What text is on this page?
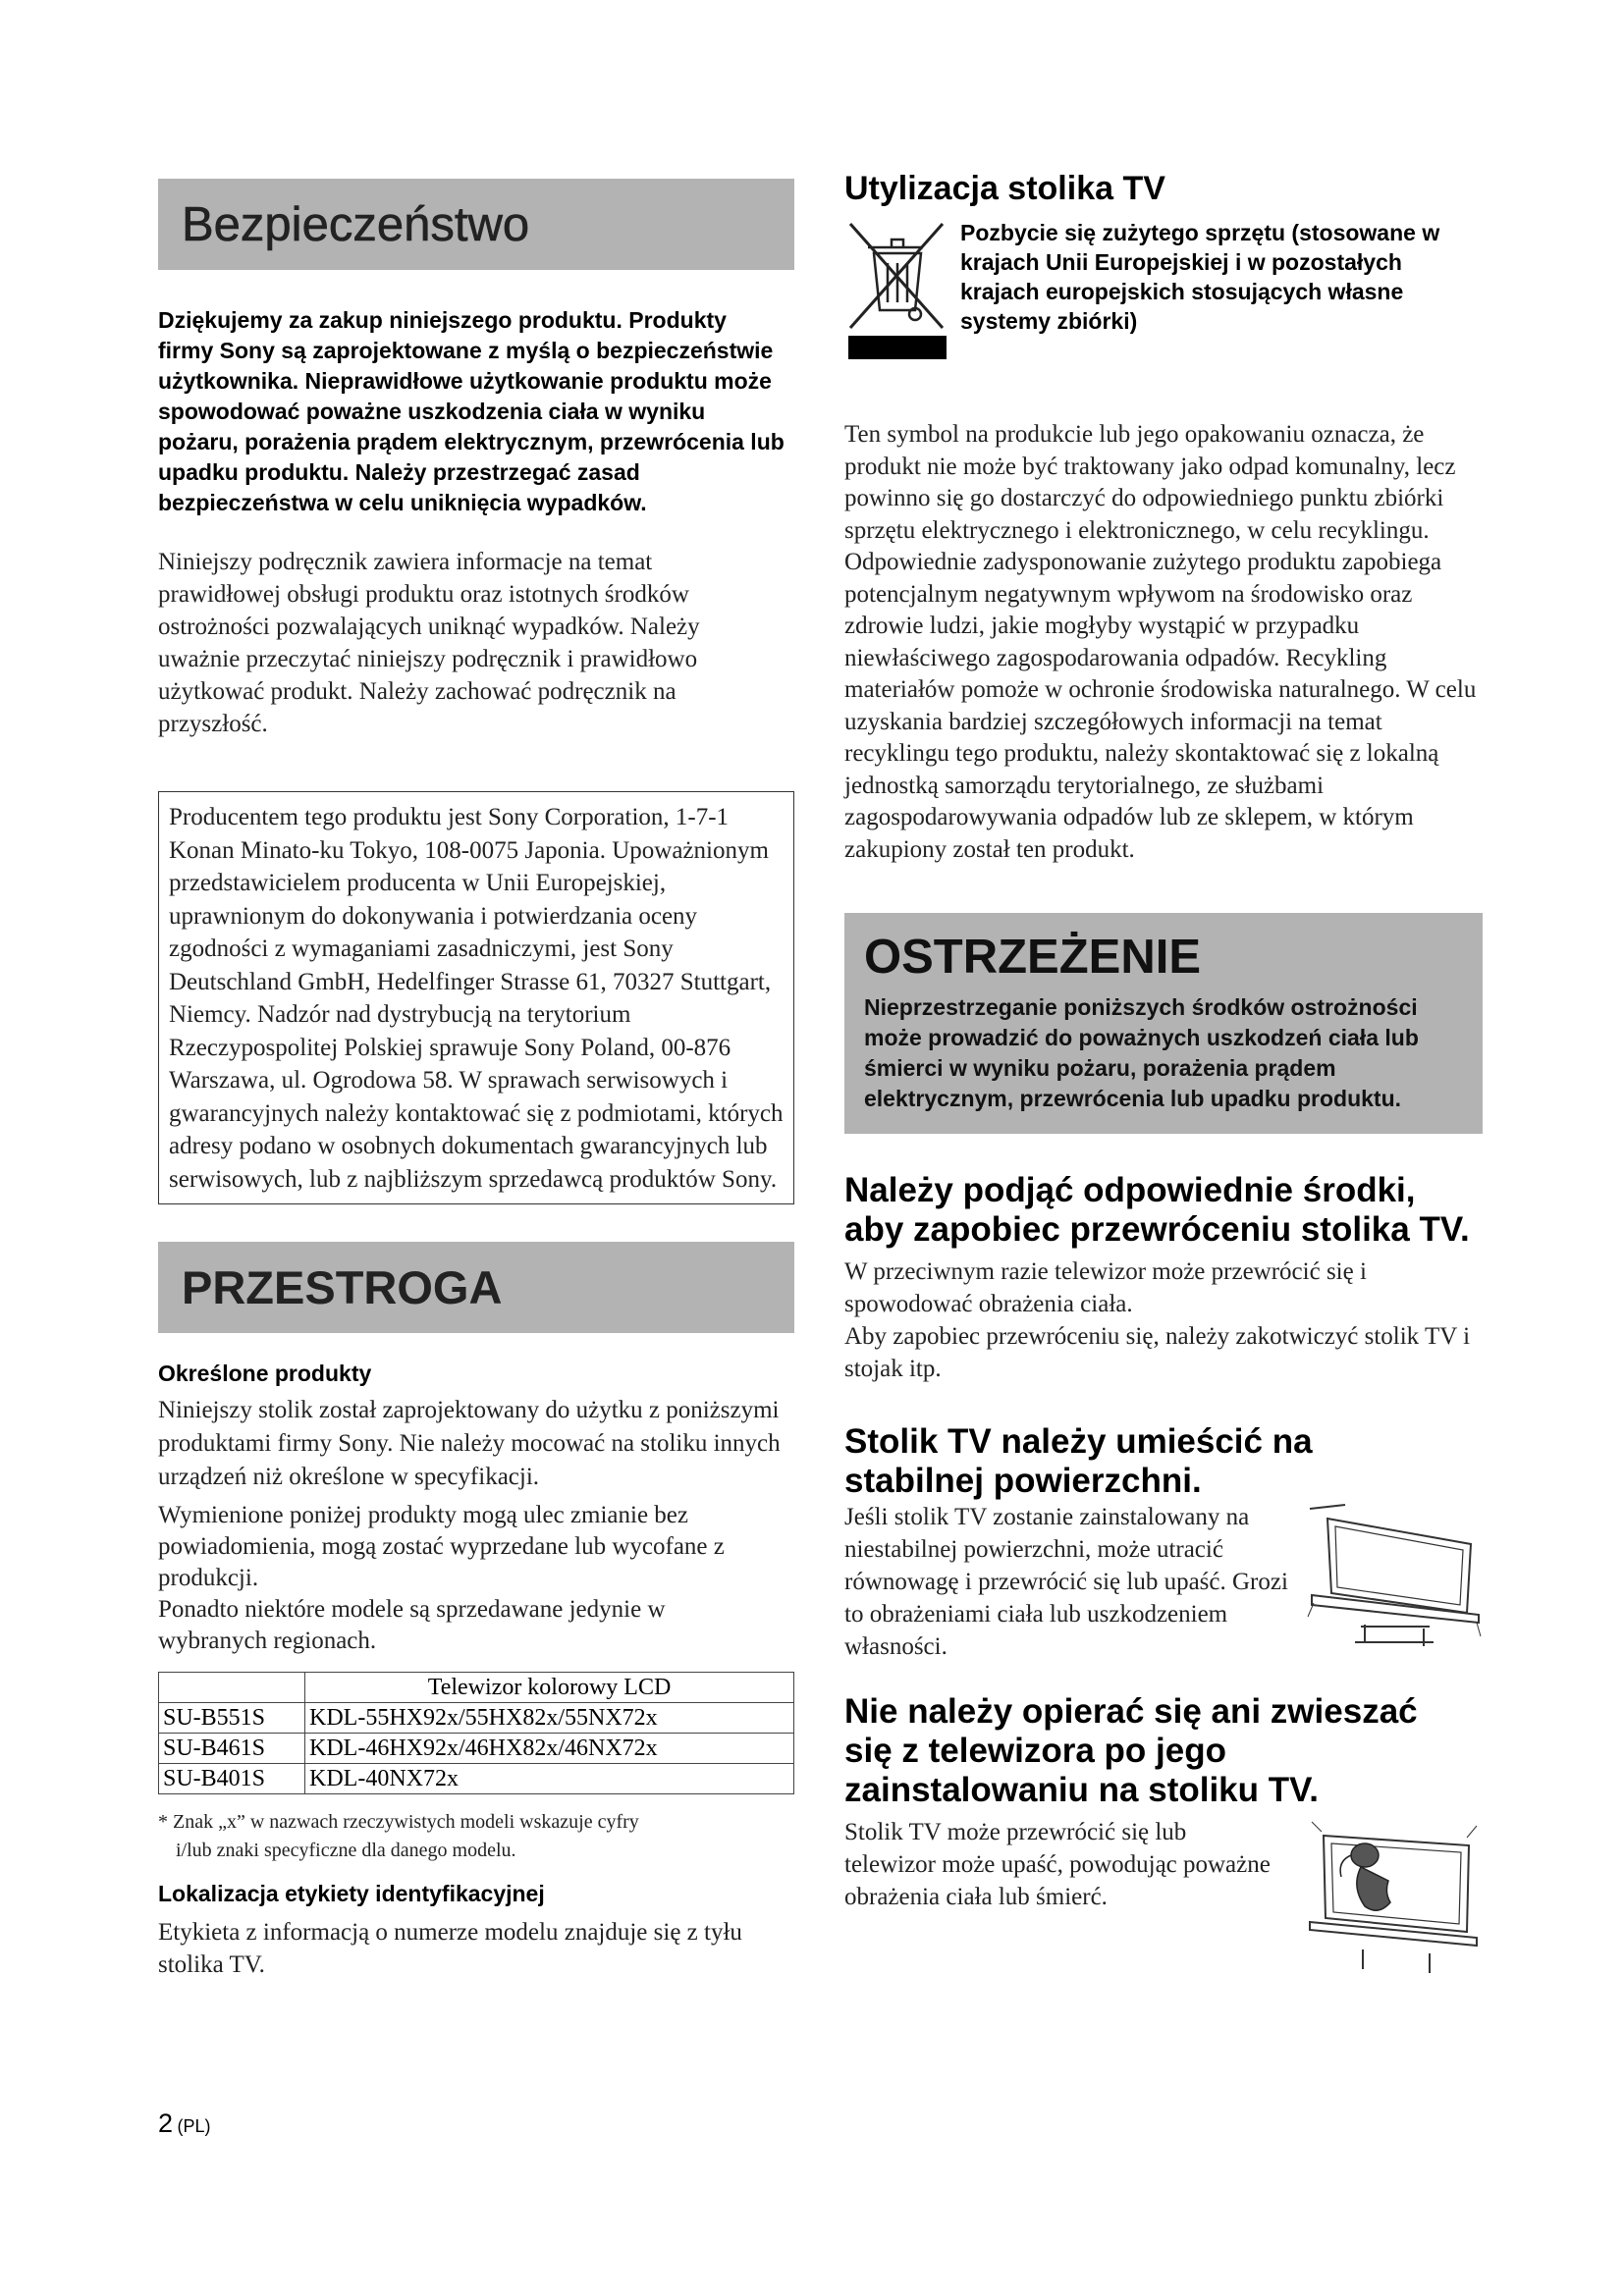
Bezpieczeństwo

Dziękujemy za zakup niniejszego produktu. Produkty firmy Sony są zaprojektowane z myślą o bezpieczeństwie użytkownika. Nieprawidłowe użytkowanie produktu może spowodować poważne uszkodzenia ciała w wyniku pożaru, porażenia prądem elektrycznym, przewrócenia lub upadku produktu. Należy przestrzegać zasad bezpieczeństwa w celu uniknięcia wypadków.

Niniejszy podręcznik zawiera informacje na temat prawidłowej obsługi produktu oraz istotnych środków ostrożności pozwalających uniknąć wypadków. Należy uważnie przeczytać niniejszy podręcznik i prawidłowo użytkować produkt. Należy zachować podręcznik na przyszłość.

Producentem tego produktu jest Sony Corporation, 1-7-1 Konan Minato-ku Tokyo, 108-0075 Japonia. Upoważnionym przedstawicielem producenta w Unii Europejskiej, uprawnionym do dokonywania i potwierdzania oceny zgodności z wymaganiami zasadniczymi, jest Sony Deutschland GmbH, Hedelfinger Strasse 61, 70327 Stuttgart, Niemcy. Nadzór nad dystrybucją na terytorium Rzeczypospolitej Polskiej sprawuje Sony Poland, 00-876 Warszawa, ul. Ogrodowa 58. W sprawach serwisowych i gwarancyjnych należy kontaktować się z podmiotami, których adresy podano w osobnych dokumentach gwarancyjnych lub serwisowych, lub z najbliższym sprzedawcą produktów Sony.

PRZESTROGA
Określone produkty

Niniejszy stolik został zaprojektowany do użytku z poniższymi produktami firmy Sony. Nie należy mocować na stoliku innych urządzeń niż określone w specyfikacji.

Wymienione poniżej produkty mogą ulec zmianie bez powiadomienia, mogą zostać wyprzedane lub wycofane z produkcji.

Ponadto niektóre modele są sprzedawane jedynie w wybranych regionach.

	Telewizor kolorowy LCD
SU-B551S	KDL-55HX92x/55HX82x/55NX72x
SU-B461S	KDL-46HX92x/46HX82x/46NX72x
SU-B401S	KDL-40NX72x

* Znak „x” w nazwach rzeczywistych modeli wskazuje cyfry

i/lub znaki specyficzne dla danego modelu.

Lokalizacja etykiety identyfikacyjnej

Etykieta z informacją o numerze modelu znajduje się z tyłu stolika TV.

2 (PL)
Utylizacja stolika TV

Pozbycie się zużytego sprzętu (stosowane w krajach Unii Europejskiej i w pozostałych krajach europejskich stosujących własne systemy zbiórki)

Ten symbol na produkcie lub jego opakowaniu oznacza, że produkt nie może być traktowany jako odpad komunalny, lecz powinno się go dostarczyć do odpowiedniego punktu zbiórki sprzętu elektrycznego i elektronicznego, w celu recyklingu. Odpowiednie zadysponowanie zużytego produktu zapobiega potencjalnym negatywnym wpływom na środowisko oraz zdrowie ludzi, jakie mogłyby wystąpić w przypadku niewłaściwego zagospodarowania odpadów. Recykling materiałów pomoże w ochronie środowiska naturalnego. W celu uzyskania bardziej szczegółowych informacji na temat recyklingu tego produktu, należy skontaktować się z lokalną jednostką samorządu terytorialnego, ze służbami zagospodarowywania odpadów lub ze sklepem, w którym zakupiony został ten produkt.

OSTRZEŻENIE

Nieprzestrzeganie poniższych środków ostrożności może prowadzić do poważnych uszkodzeń ciała lub śmierci w wyniku pożaru, porażenia prądem elektrycznym, przewrócenia lub upadku produktu.

Należy podjąć odpowiednie środki, aby zapobiec przewróceniu stolika TV.

W przeciwnym razie telewizor może przewrócić się i spowodować obrażenia ciała.

Aby zapobiec przewróceniu się, należy zakotwiczyć stolik TV i stojak itp.

Stolik TV należy umieścić na stabilnej powierzchni.

Jeśli stolik TV zostanie zainstalowany na niestabilnej powierzchni, może utracić równowagę i przewrócić się lub upaść. Grozi to obrażeniami ciała lub uszkodzeniem własności.

Nie należy opierać się ani zwieszać się z telewizora po jego zainstalowaniu na stoliku TV.

Stolik TV może przewrócić się lub telewizor może upaść, powodując poważne obrażenia ciała lub śmierć.
